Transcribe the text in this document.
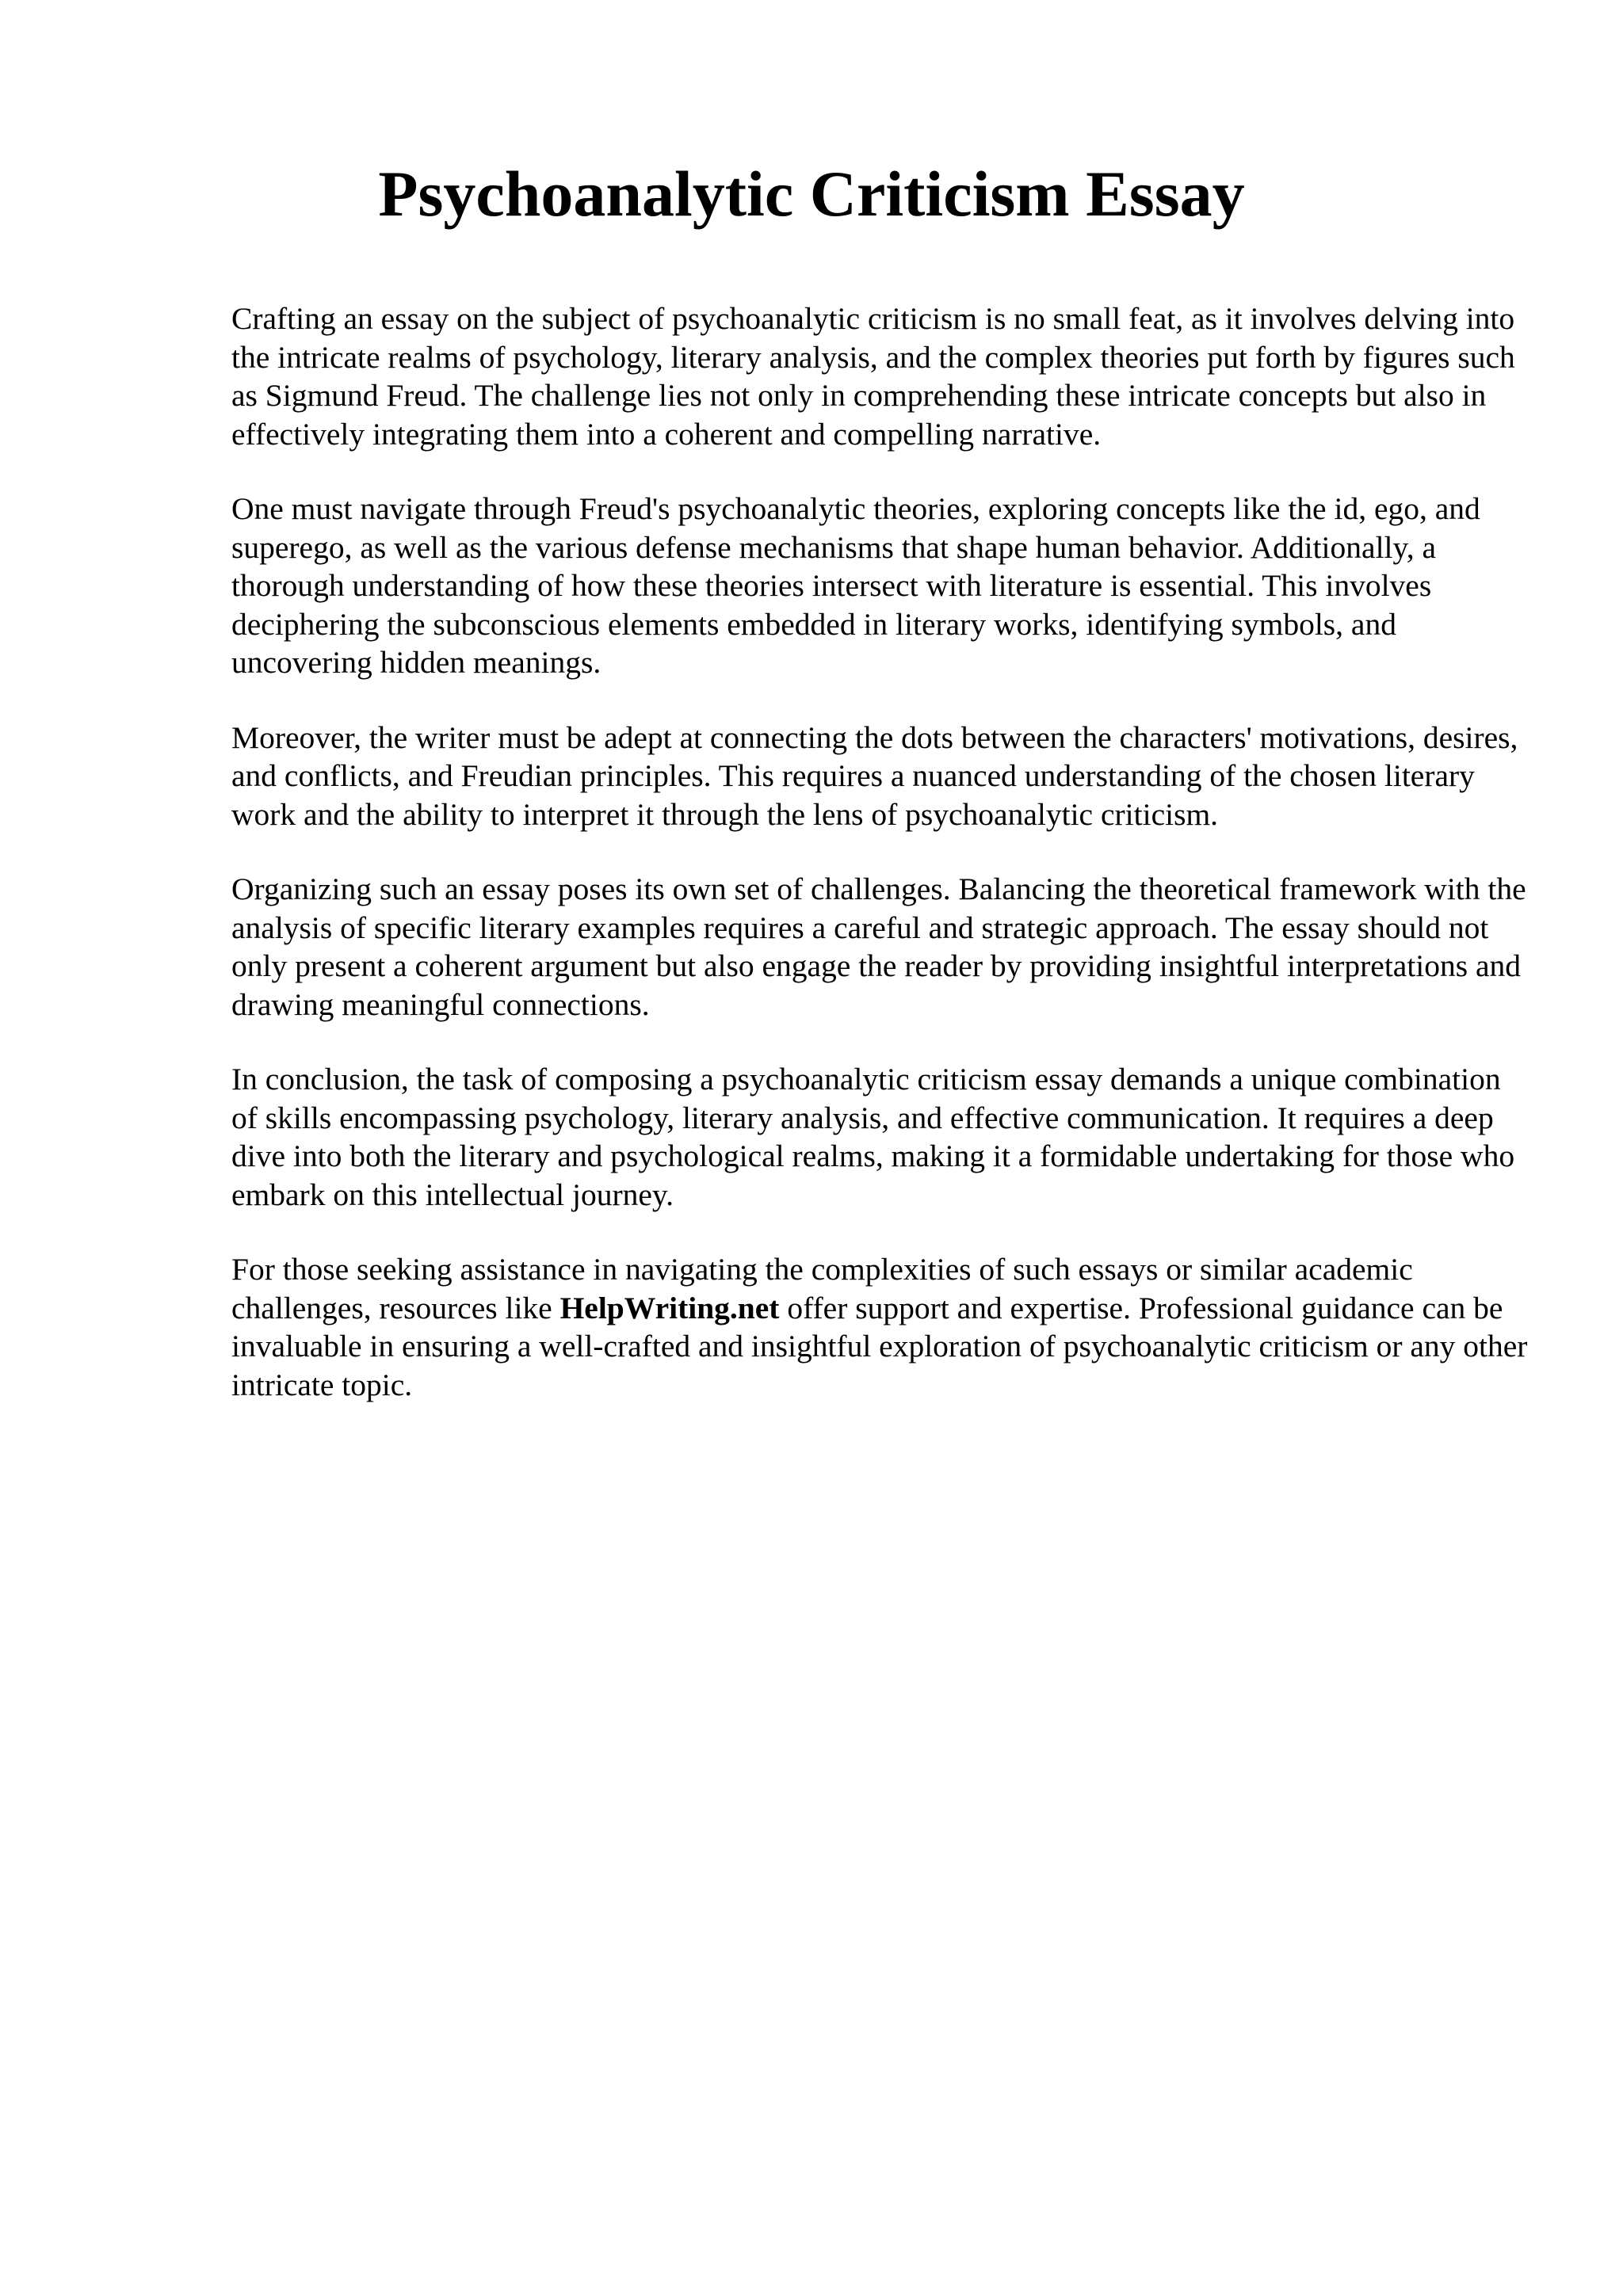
Psychoanalytic Criticism Essay

Crafting an essay on the subject of psychoanalytic criticism is no small feat, as it involves delving into the intricate realms of psychology, literary analysis, and the complex theories put forth by figures such as Sigmund Freud. The challenge lies not only in comprehending these intricate concepts but also in effectively integrating them into a coherent and compelling narrative.

One must navigate through Freud's psychoanalytic theories, exploring concepts like the id, ego, and superego, as well as the various defense mechanisms that shape human behavior. Additionally, a thorough understanding of how these theories intersect with literature is essential. This involves deciphering the subconscious elements embedded in literary works, identifying symbols, and uncovering hidden meanings.

Moreover, the writer must be adept at connecting the dots between the characters' motivations, desires, and conflicts, and Freudian principles. This requires a nuanced understanding of the chosen literary work and the ability to interpret it through the lens of psychoanalytic criticism.

Organizing such an essay poses its own set of challenges. Balancing the theoretical framework with the analysis of specific literary examples requires a careful and strategic approach. The essay should not only present a coherent argument but also engage the reader by providing insightful interpretations and drawing meaningful connections.

In conclusion, the task of composing a psychoanalytic criticism essay demands a unique combination of skills encompassing psychology, literary analysis, and effective communication. It requires a deep dive into both the literary and psychological realms, making it a formidable undertaking for those who embark on this intellectual journey.

For those seeking assistance in navigating the complexities of such essays or similar academic challenges, resources like HelpWriting.net offer support and expertise. Professional guidance can be invaluable in ensuring a well-crafted and insightful exploration of psychoanalytic criticism or any other intricate topic.
